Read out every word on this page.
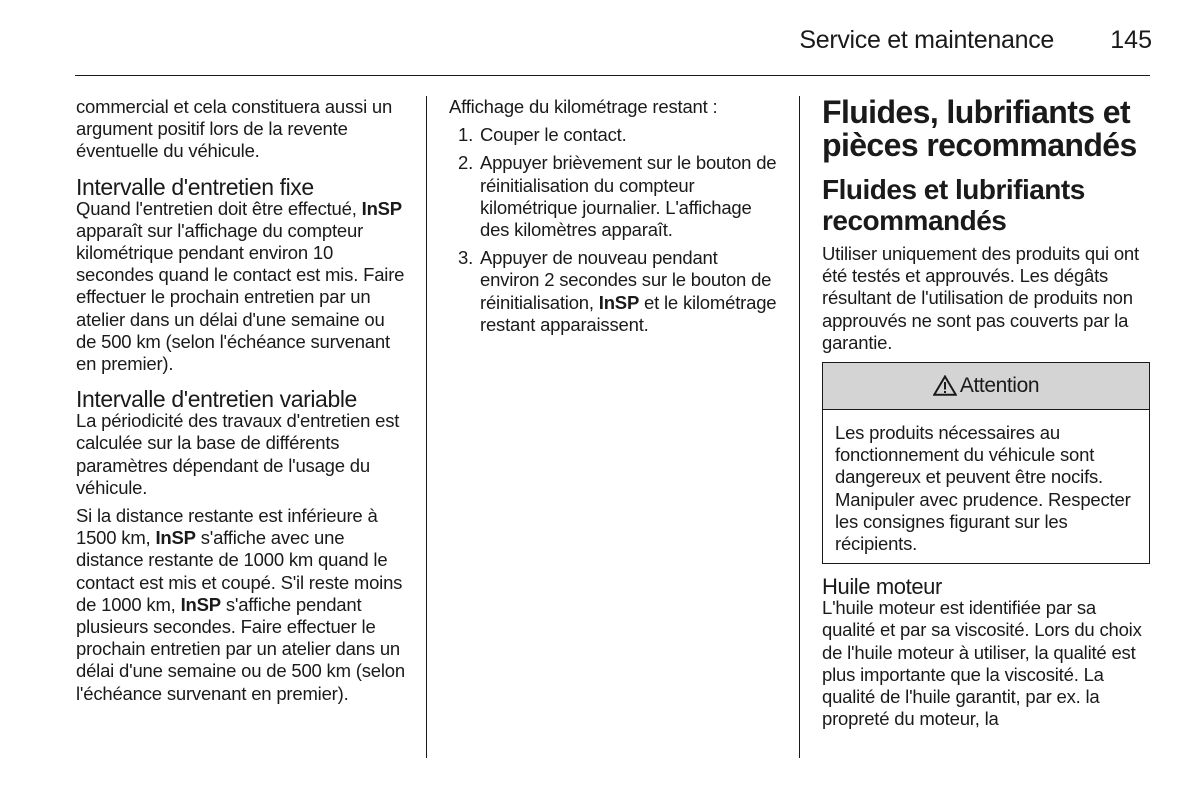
Service et maintenance 145

commercial et cela constituera aussi un argument positif lors de la revente éventuelle du véhicule.

Intervalle d'entretien fixe

Quand l'entretien doit être effectué, InSP apparaît sur l'affichage du compteur kilométrique pendant environ 10 secondes quand le contact est mis. Faire effectuer le prochain entretien par un atelier dans un délai d'une semaine ou de 500 km (selon l'échéance survenant en premier).

Intervalle d'entretien variable

La périodicité des travaux d'entretien est calculée sur la base de différents paramètres dépendant de l'usage du véhicule.

Si la distance restante est inférieure à 1500 km, InSP s'affiche avec une distance restante de 1000 km quand le contact est mis et coupé. S'il reste moins de 1000 km, InSP s'affiche pendant plusieurs secondes. Faire effectuer le prochain entretien par un atelier dans un délai d'une semaine ou de 500 km (selon l'échéance survenant en premier).

Affichage du kilométrage restant :

1. Couper le contact.
2. Appuyer brièvement sur le bouton de réinitialisation du compteur kilométrique journalier. L'affichage des kilomètres apparaît.
3. Appuyer de nouveau pendant environ 2 secondes sur le bouton de réinitialisation, InSP et le kilométrage restant apparaissent.
Fluides, lubrifiants et pièces recommandés
Fluides et lubrifiants recommandés

Utiliser uniquement des produits qui ont été testés et approuvés. Les dégâts résultant de l'utilisation de produits non approuvés ne sont pas couverts par la garantie.

Attention

Les produits nécessaires au fonctionnement du véhicule sont dangereux et peuvent être nocifs. Manipuler avec prudence. Respecter les consignes figurant sur les récipients.

Huile moteur

L'huile moteur est identifiée par sa qualité et par sa viscosité. Lors du choix de l'huile moteur à utiliser, la qualité est plus importante que la viscosité. La qualité de l'huile garantit, par ex. la propreté du moteur, la
